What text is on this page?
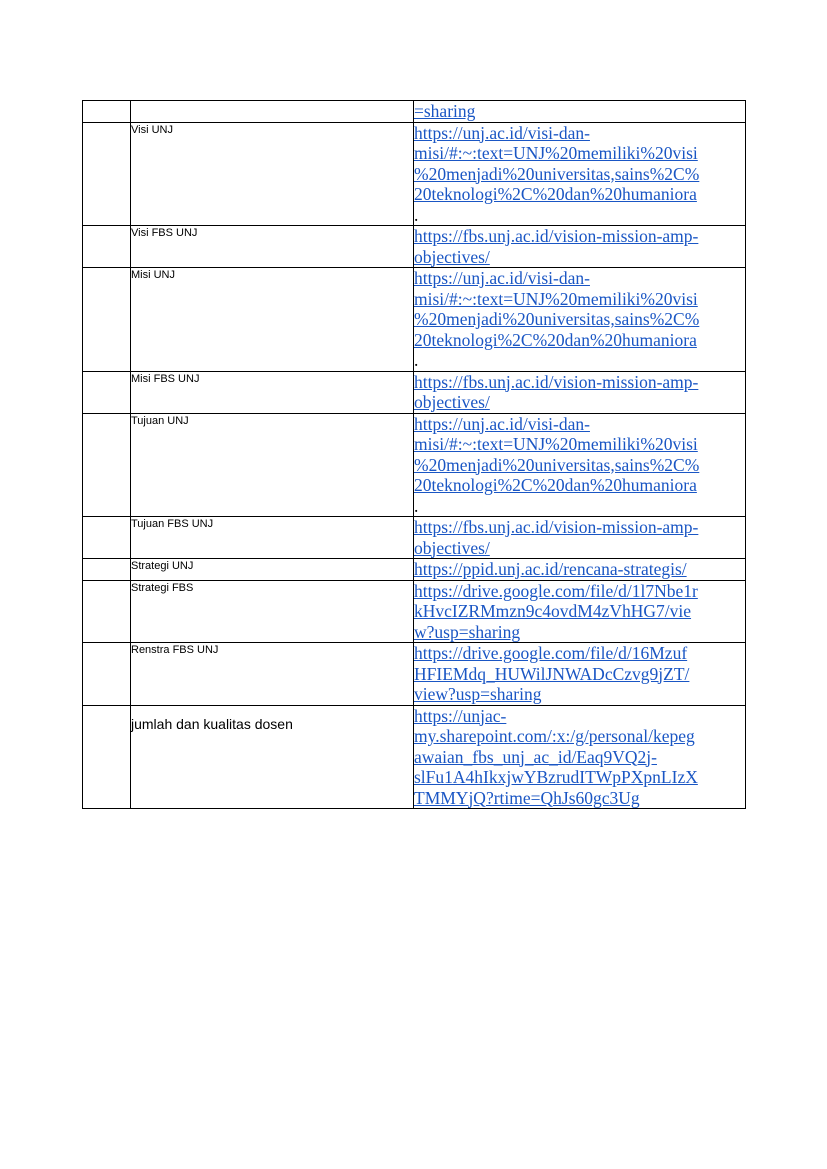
		=sharing
	Visi UNJ	https://unj.ac.id/visi-dan-
misi/#:~:text=UNJ%20memiliki%20visi
%20menjadi%20universitas,sains%2C%
20teknologi%2C%20dan%20humaniora
.

	Visi FBS UNJ	https://fbs.unj.ac.id/vision-mission-amp-
objectives/
	Misi UNJ	https://unj.ac.id/visi-dan-
misi/#:~:text=UNJ%20memiliki%20visi
%20menjadi%20universitas,sains%2C%
20teknologi%2C%20dan%20humaniora
.

	Misi FBS UNJ	https://fbs.unj.ac.id/vision-mission-amp-
objectives/
	Tujuan UNJ	https://unj.ac.id/visi-dan-
misi/#:~:text=UNJ%20memiliki%20visi
%20menjadi%20universitas,sains%2C%
20teknologi%2C%20dan%20humaniora
.

	Tujuan FBS UNJ	https://fbs.unj.ac.id/vision-mission-amp-
objectives/
	Strategi UNJ	https://ppid.unj.ac.id/rencana-strategis/
	Strategi FBS	https://drive.google.com/file/d/1l7Nbe1r
kHvcIZRMmzn9c4ovdM4zVhHG7/vie
w?usp=sharing
	Renstra FBS UNJ	https://drive.google.com/file/d/16Mzuf
HFIEMdq_HUWilJNWADcCzvg9jZT/
view?usp=sharing
	jumlah dan kualitas dosen	https://unjac-
my.sharepoint.com/:x:/g/personal/kepeg
awaian_fbs_unj_ac_id/Eaq9VQ2j-
slFu1A4hIkxjwYBzrudITWpPXpnLIzX
TMMYjQ?rtime=QhJs60gc3Ug
